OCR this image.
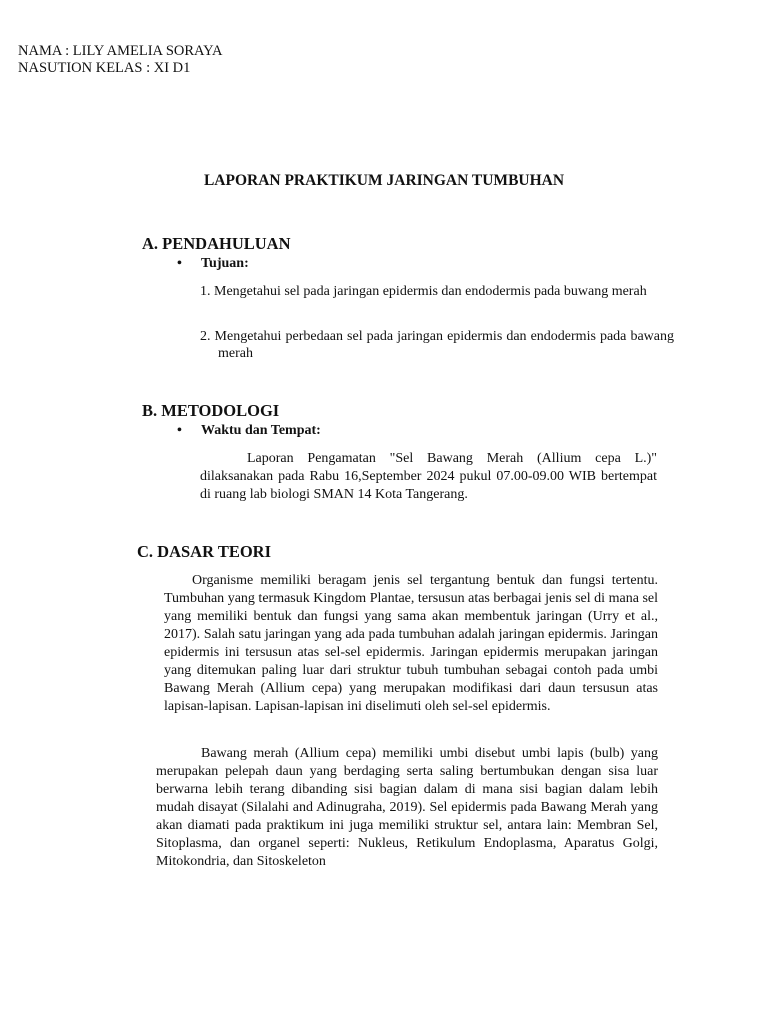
NAMA : LILY AMELIA SORAYA
NASUTION KELAS : XI D1
LAPORAN PRAKTIKUM JARINGAN TUMBUHAN
A. PENDAHULUAN
• Tujuan:
1. Mengetahui sel pada jaringan epidermis dan endodermis pada buwang merah
2. Mengetahui perbedaan sel pada jaringan epidermis dan endodermis pada bawang merah
B. METODOLOGI
• Waktu dan Tempat:

Laporan Pengamatan "Sel Bawang Merah (Allium cepa L.)" dilaksanakan pada Rabu 16,September 2024 pukul 07.00-09.00 WIB bertempat di ruang lab biologi SMAN 14 Kota Tangerang.

C. DASAR TEORI

Organisme memiliki beragam jenis sel tergantung bentuk dan fungsi tertentu. Tumbuhan yang termasuk Kingdom Plantae, tersusun atas berbagai jenis sel di mana sel yang memiliki bentuk dan fungsi yang sama akan membentuk jaringan (Urry et al., 2017). Salah satu jaringan yang ada pada tumbuhan adalah jaringan epidermis. Jaringan epidermis ini tersusun atas sel-sel epidermis. Jaringan epidermis merupakan jaringan yang ditemukan paling luar dari struktur tubuh tumbuhan sebagai contoh pada umbi Bawang Merah (Allium cepa) yang merupakan modifikasi dari daun tersusun atas lapisan-lapisan. Lapisan-lapisan ini diselimuti oleh sel-sel epidermis.

Bawang merah (Allium cepa) memiliki umbi disebut umbi lapis (bulb) yang merupakan pelepah daun yang berdaging serta saling bertumbukan dengan sisa luar berwarna lebih terang dibanding sisi bagian dalam di mana sisi bagian dalam lebih mudah disayat (Silalahi and Adinugraha, 2019). Sel epidermis pada Bawang Merah yang akan diamati pada praktikum ini juga memiliki struktur sel, antara lain: Membran Sel, Sitoplasma, dan organel seperti: Nukleus, Retikulum Endoplasma, Aparatus Golgi, Mitokondria, dan Sitoskeleton
